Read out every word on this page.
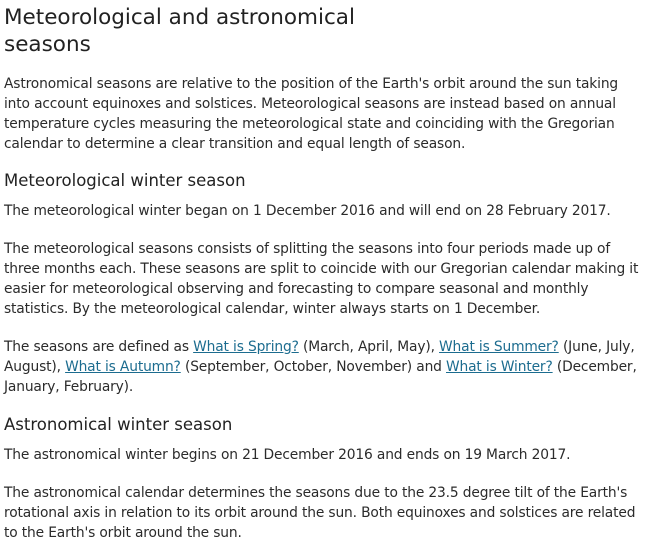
Meteorological and astronomical seasons

Astronomical seasons are relative to the position of the Earth's orbit around the sun taking into account equinoxes and solstices. Meteorological seasons are instead based on annual temperature cycles measuring the meteorological state and coinciding with the Gregorian calendar to determine a clear transition and equal length of season.

Meteorological winter season

The meteorological winter began on 1 December 2016 and will end on 28 February 2017.

The meteorological seasons consists of splitting the seasons into four periods made up of three months each. These seasons are split to coincide with our Gregorian calendar making it easier for meteorological observing and forecasting to compare seasonal and monthly statistics. By the meteorological calendar, winter always starts on 1 December.

The seasons are defined as What is Spring? (March, April, May), What is Summer? (June, July, August), What is Autumn? (September, October, November) and What is Winter? (December, January, February).

Astronomical winter season

The astronomical winter begins on 21 December 2016 and ends on 19 March 2017.

The astronomical calendar determines the seasons due to the 23.5 degree tilt of the Earth's rotational axis in relation to its orbit around the sun. Both equinoxes and solstices are related to the Earth's orbit around the sun.
